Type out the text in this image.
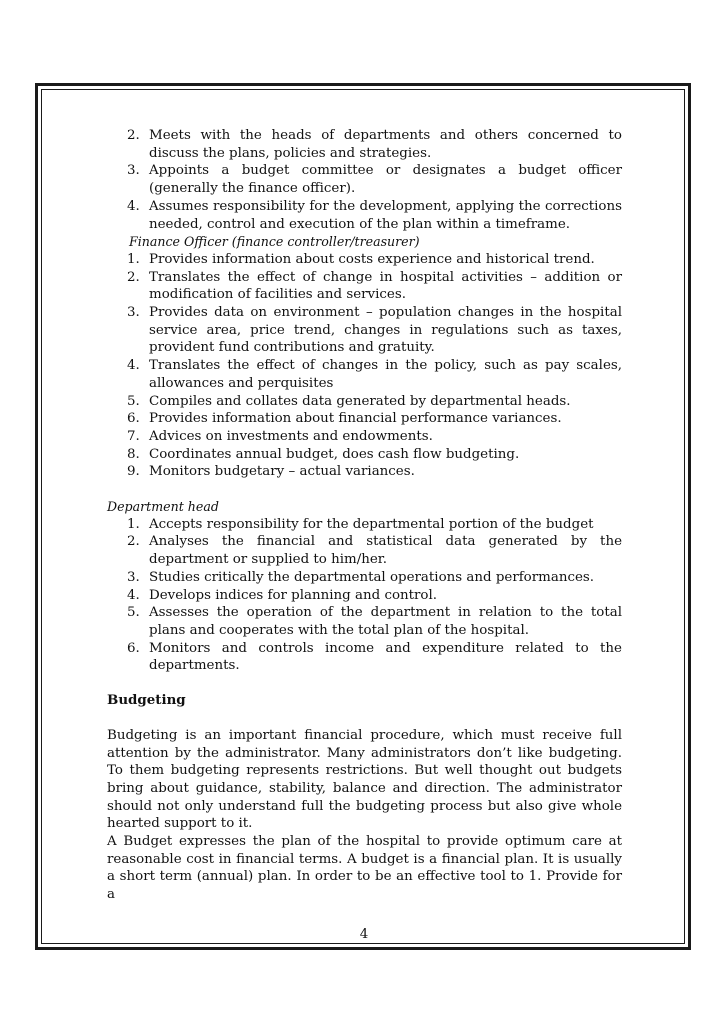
2. Meets with the heads of departments and others concerned to discuss the plans, policies and strategies.
3. Appoints a budget committee or designates a budget officer (generally the finance officer).
4. Assumes responsibility for the development, applying the corrections needed, control and execution of the plan within a timeframe.
Finance Officer (finance controller/treasurer)
1. Provides information about costs experience and historical trend.
2. Translates the effect of change in hospital activities – addition or modification of facilities and services.
3. Provides data on environment – population changes in the hospital service area, price trend, changes in regulations such as taxes, provident fund contributions and gratuity.
4. Translates the effect of changes in the policy, such as pay scales, allowances and perquisites
5. Compiles and collates data generated by departmental heads.
6. Provides information about financial performance variances.
7. Advices on investments and endowments.
8. Coordinates annual budget, does cash flow budgeting.
9. Monitors budgetary – actual variances.
Department head
1. Accepts responsibility for the departmental portion of the budget
2. Analyses the financial and statistical data generated by the department or supplied to him/her.
3. Studies critically the departmental operations and performances.
4. Develops indices for planning and control.
5. Assesses the operation of the department in relation to the total plans and cooperates with the total plan of the hospital.
6. Monitors and controls income and expenditure related to the departments.
Budgeting

Budgeting is an important financial procedure, which must receive full attention by the administrator. Many administrators don’t like budgeting. To them budgeting represents restrictions. But well thought out budgets bring about guidance, stability, balance and direction. The administrator should not only understand full the budgeting process but also give whole hearted support to it.

A Budget expresses the plan of the hospital to provide optimum care at reasonable cost in financial terms. A budget is a financial plan. It is usually a short term (annual) plan. In order to be an effective tool to 1. Provide for a

4
